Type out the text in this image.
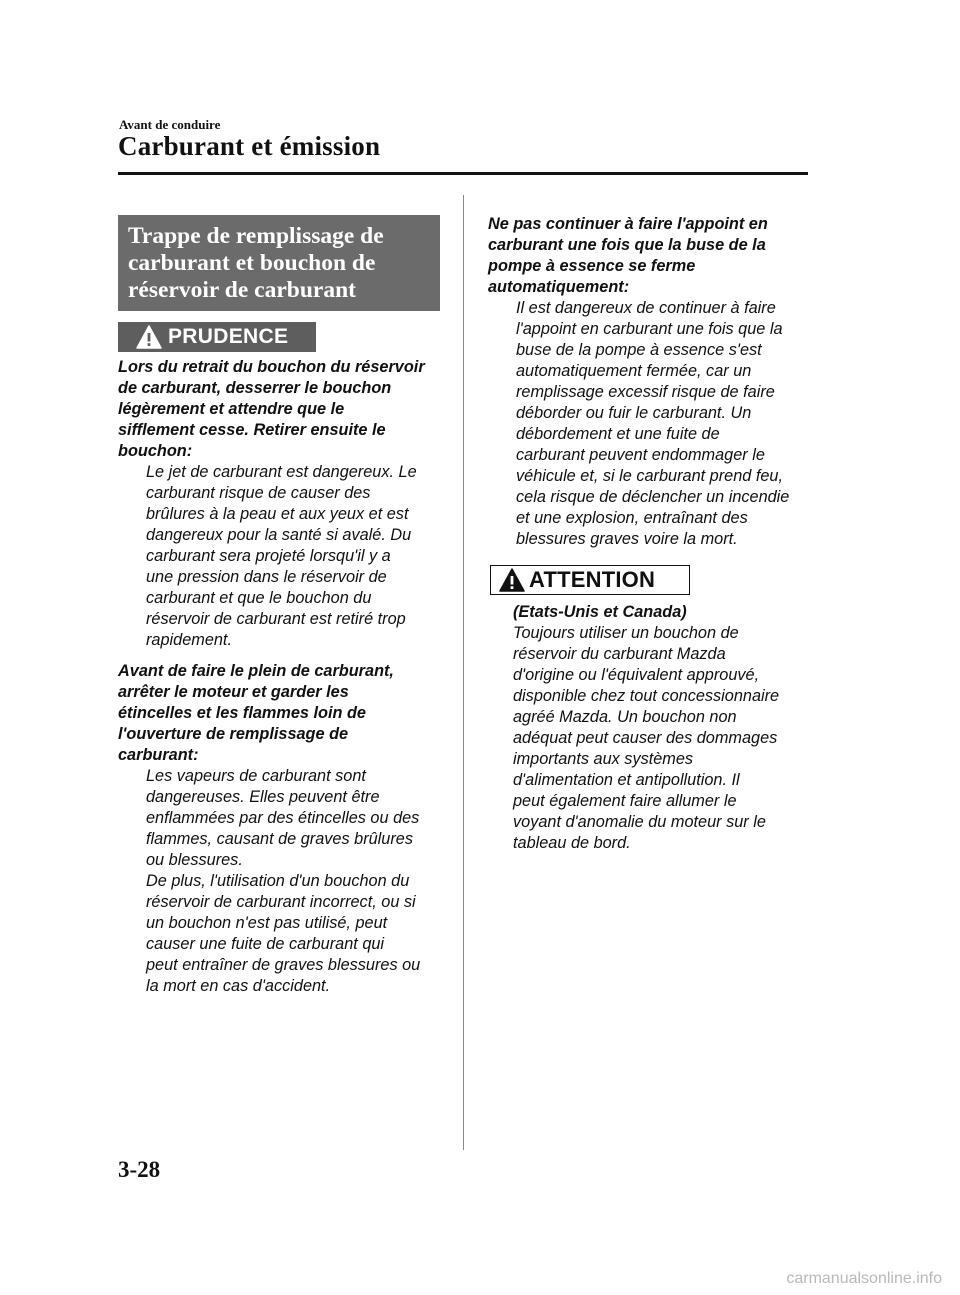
Avant de conduire
Carburant et émission
Trappe de remplissage de
carburant et bouchon de
réservoir de carburant
PRUDENCE
Lors du retrait du bouchon du réservoir
de carburant, desserrer le bouchon
légèrement et attendre que le
sifflement cesse. Retirer ensuite le
bouchon:
Le jet de carburant est dangereux. Le
carburant risque de causer des
brûlures à la peau et aux yeux et est
dangereux pour la santé si avalé. Du
carburant sera projeté lorsqu'il y a
une pression dans le réservoir de
carburant et que le bouchon du
réservoir de carburant est retiré trop
rapidement.
Avant de faire le plein de carburant,
arrêter le moteur et garder les
étincelles et les flammes loin de
l'ouverture de remplissage de
carburant:
Les vapeurs de carburant sont
dangereuses. Elles peuvent être
enflammées par des étincelles ou des
flammes, causant de graves brûlures
ou blessures.
De plus, l'utilisation d'un bouchon du
réservoir de carburant incorrect, ou si
un bouchon n'est pas utilisé, peut
causer une fuite de carburant qui
peut entraîner de graves blessures ou
la mort en cas d'accident.
Ne pas continuer à faire l'appoint en
carburant une fois que la buse de la
pompe à essence se ferme
automatiquement:
Il est dangereux de continuer à faire
l'appoint en carburant une fois que la
buse de la pompe à essence s'est
automatiquement fermée, car un
remplissage excessif risque de faire
déborder ou fuir le carburant. Un
débordement et une fuite de
carburant peuvent endommager le
véhicule et, si le carburant prend feu,
cela risque de déclencher un incendie
et une explosion, entraînant des
blessures graves voire la mort.
ATTENTION
(Etats-Unis et Canada)
Toujours utiliser un bouchon de
réservoir du carburant Mazda
d'origine ou l'équivalent approuvé,
disponible chez tout concessionnaire
agréé Mazda. Un bouchon non
adéquat peut causer des dommages
importants aux systèmes
d'alimentation et antipollution. Il
peut également faire allumer le
voyant d'anomalie du moteur sur le
tableau de bord.
3-28
carmanualsonline.info
